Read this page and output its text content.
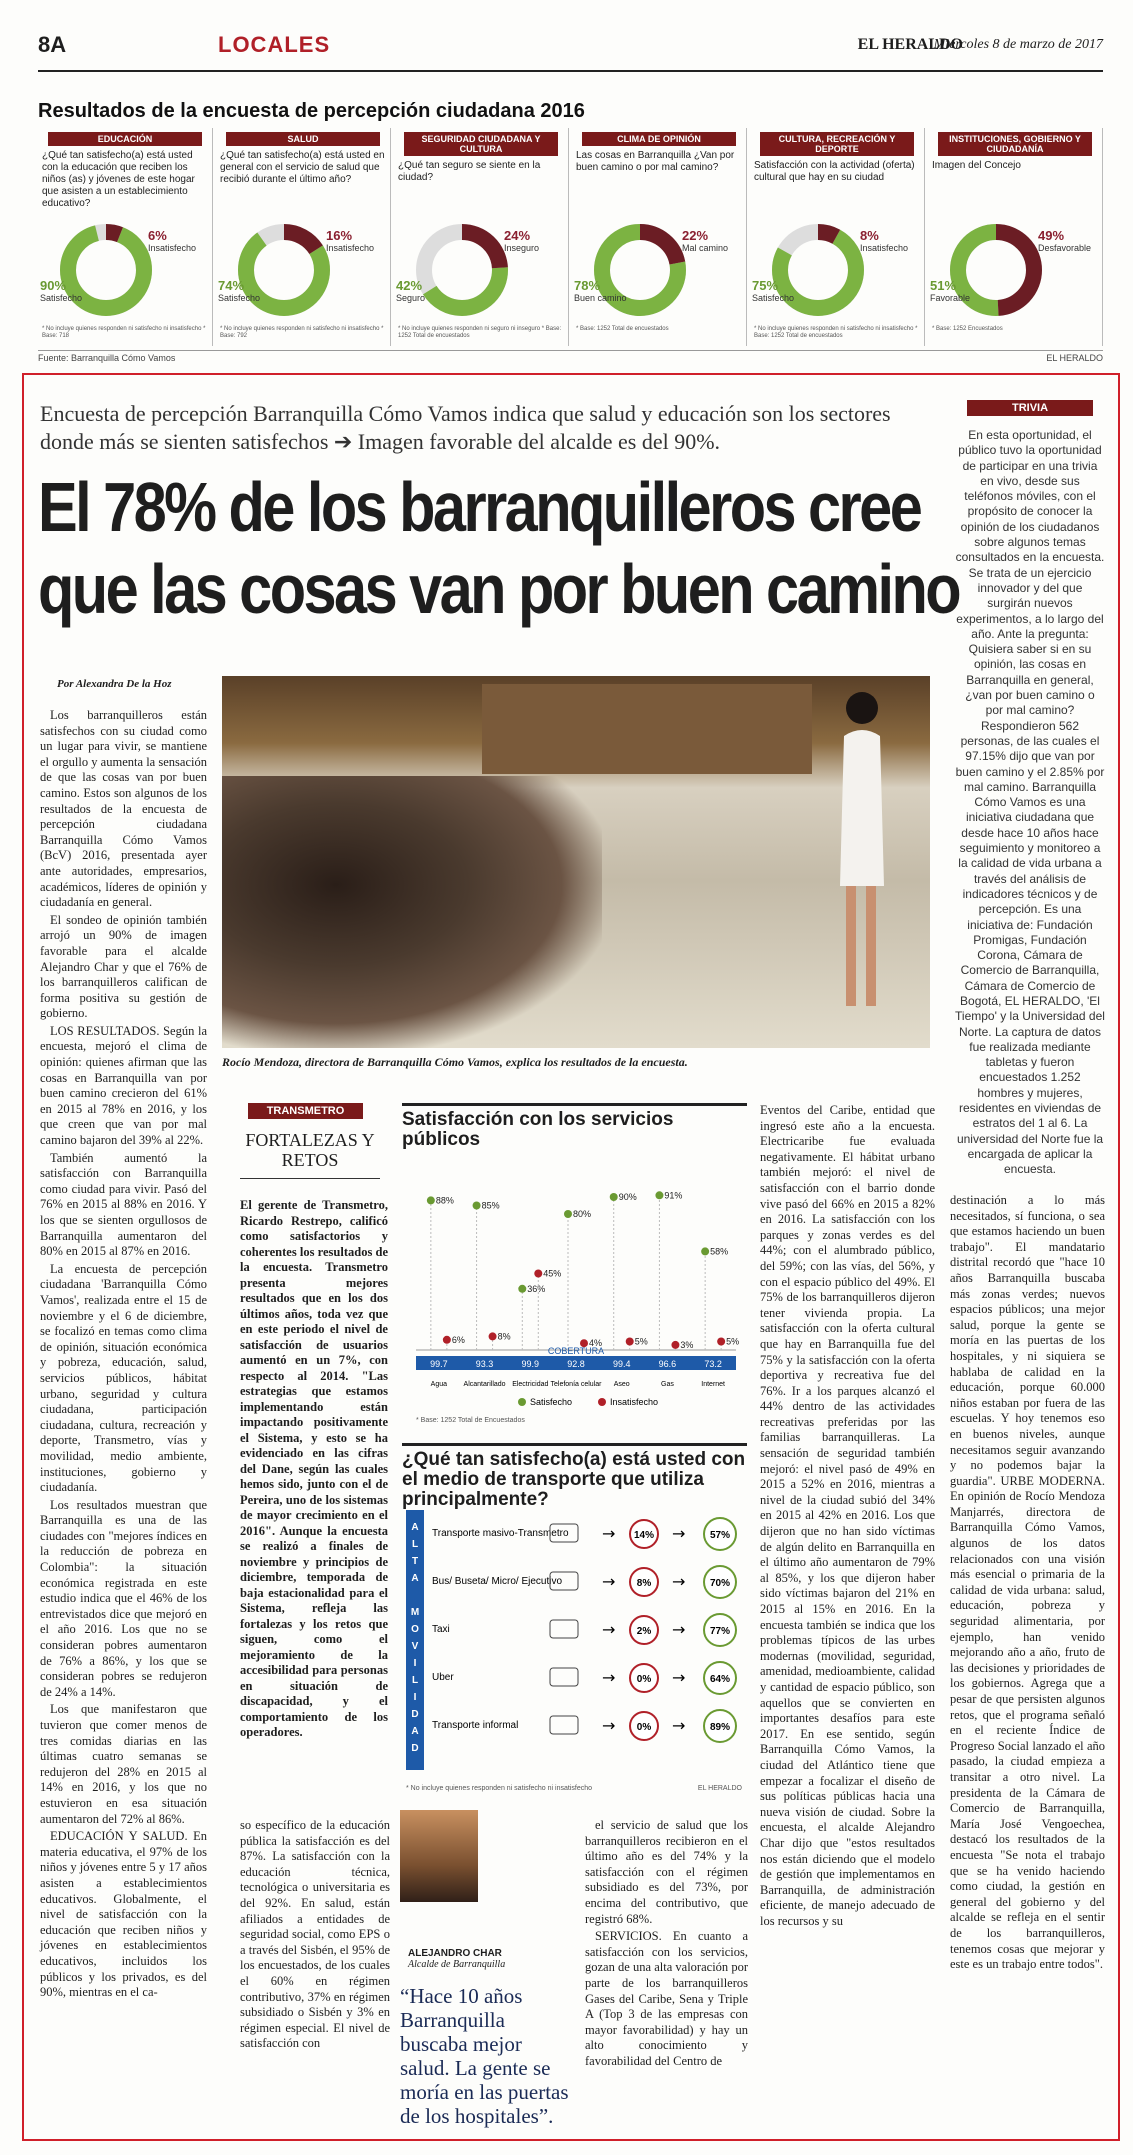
8A	LOCALES	EL HERALDO
Miércoles 8 de marzo de 2017
Resultados de la encuesta de percepción ciudadana 2016
EDUCACIÓN
¿Qué tan satisfecho(a) está usted con la educación que reciben los niños (as) y jóvenes de este hogar que asisten a un establecimiento educativo?
90%
Satisfecho
6%
Insatisfecho
* No incluye quienes responden ni satisfecho ni insatisfecho * Base: 718
SALUD
¿Qué tan satisfecho(a) está usted en general con el servicio de salud que recibió durante el último año?
74%
Satisfecho
16%
Insatisfecho
* No incluye quienes responden ni satisfecho ni insatisfecho * Base: 792
SEGURIDAD CIUDADANA Y CULTURA
¿Qué tan seguro se siente en la ciudad?
42%
Seguro
24%
Inseguro
* No incluye quienes responden ni seguro ni inseguro * Base: 1252 Total de encuestados
CLIMA DE OPINIÓN
Las cosas en Barranquilla ¿Van por buen camino o por mal camino?
78%
Buen camino
22%
Mal camino
* Base: 1252 Total de encuestados
CULTURA, RECREACIÓN Y DEPORTE
Satisfacción con la actividad (oferta) cultural que hay en su ciudad
75%
Satisfecho
8%
Insatisfecho
* No incluye quienes responden ni satisfecho ni insatisfecho * Base: 1252 Total de encuestados
INSTITUCIONES, GOBIERNO Y CIUDADANÍA
Imagen del Concejo
51%
Favorable
49%
Desfavorable
* Base: 1252 Encuestados
Fuente: Barranquilla Cómo Vamos	EL HERALDO
Encuesta de percepción Barranquilla Cómo Vamos indica que salud y educación son los sectores donde más se sienten satisfechos ➔ Imagen favorable del alcalde es del 90%.
El 78% de los barranquilleros cree
que las cosas van por buen camino
Por Alexandra De la Hoz

Los barranquilleros están satisfechos con su ciudad como un lugar para vivir, se mantiene el orgullo y aumenta la sensación de que las cosas van por buen camino. Estos son algunos de los resultados de la encuesta de percepción ciudadana Barranquilla Cómo Vamos (BcV) 2016, presentada ayer ante autoridades, empresarios, académicos, líderes de opinión y ciudadanía en general.

El sondeo de opinión también arrojó un 90% de imagen favorable para el alcalde Alejandro Char y que el 76% de los barranquilleros califican de forma positiva su gestión de gobierno.

LOS RESULTADOS. Según la encuesta, mejoró el clima de opinión: quienes afirman que las cosas en Barranquilla van por buen camino crecieron del 61% en 2015 al 78% en 2016, y los que creen que van por mal camino bajaron del 39% al 22%.

También aumentó la satisfacción con Barranquilla como ciudad para vivir. Pasó del 76% en 2015 al 88% en 2016. Y los que se sienten orgullosos de Barranquilla aumentaron del 80% en 2015 al 87% en 2016.

La encuesta de percepción ciudadana 'Barranquilla Cómo Vamos', realizada entre el 15 de noviembre y el 6 de diciembre, se focalizó en temas como clima de opinión, situación económica y pobreza, educación, salud, servicios públicos, hábitat urbano, seguridad y cultura ciudadana, participación ciudadana, cultura, recreación y deporte, Transmetro, vías y movilidad, medio ambiente, instituciones, gobierno y ciudadanía.

Los resultados muestran que Barranquilla es una de las ciudades con "mejores índices en la reducción de pobreza en Colombia": la situación económica registrada en este estudio indica que el 46% de los entrevistados dice que mejoró en el año 2016. Los que no se consideran pobres aumentaron de 76% a 86%, y los que se consideran pobres se redujeron de 24% a 14%.

Los que manifestaron que tuvieron que comer menos de tres comidas diarias en las últimas cuatro semanas se redujeron del 28% en 2015 al 14% en 2016, y los que no estuvieron en esa situación aumentaron del 72% al 86%.

EDUCACIÓN Y SALUD. En materia educativa, el 97% de los niños y jóvenes entre 5 y 17 años asisten a establecimientos educativos. Globalmente, el nivel de satisfacción con la educación que reciben niños y jóvenes en establecimientos educativos, incluidos los públicos y los privados, es del 90%, mientras en el ca-

Rocío Mendoza, directora de Barranquilla Cómo Vamos, explica los resultados de la encuesta.
TRIVIA
En esta oportunidad, el público tuvo la oportunidad de participar en una trivia en vivo, desde sus teléfonos móviles, con el propósito de conocer la opinión de los ciudadanos sobre algunos temas consultados en la encuesta. Se trata de un ejercicio innovador y del que surgirán nuevos experimentos, a lo largo del año. Ante la pregunta: Quisiera saber si en su opinión, las cosas en Barranquilla en general, ¿van por buen camino o por mal camino? Respondieron 562 personas, de las cuales el 97.15% dijo que van por buen camino y el 2.85% por mal camino. Barranquilla Cómo Vamos es una iniciativa ciudadana que desde hace 10 años hace seguimiento y monitoreo a la calidad de vida urbana a través del análisis de indicadores técnicos y de percepción. Es una iniciativa de: Fundación Promigas, Fundación Corona, Cámara de Comercio de Barranquilla, Cámara de Comercio de Bogotá, EL HERALDO, 'El Tiempo' y la Universidad del Norte. La captura de datos fue realizada mediante tabletas y fueron encuestados 1.252 hombres y mujeres, residentes en viviendas de estratos del 1 al 6. La universidad del Norte fue la encargada de aplicar la encuesta.
TRANSMETRO
FORTALEZAS Y RETOS
El gerente de Transmetro, Ricardo Restrepo, calificó como satisfactorios y coherentes los resultados de la encuesta. Transmetro presenta mejores resultados que en los dos últimos años, toda vez que en este periodo el nivel de satisfacción de usuarios aumentó en un 7%, con respecto al 2014. "Las estrategias que estamos implementando están impactando positivamente el Sistema, y esto se ha evidenciado en las cifras del Dane, según las cuales hemos sido, junto con el de Pereira, uno de los sistemas de mayor crecimiento en el 2016". Aunque la encuesta se realizó a finales de noviembre y principios de diciembre, temporada de baja estacionalidad para el Sistema, refleja las fortalezas y los retos que siguen, como el mejoramiento de la accesibilidad para personas en situación de discapacidad, y el comportamiento de los operadores.
Satisfacción con los servicios públicos
88%
85%
36%
80%
90%	91%
58%
6%	8%
45%
4%	5%	3%	5%
COBERTURA
99.7	93.3	99.9	92.8	99.4	96.6	73.2
Agua Alcantarillado Electricidad Telefonía celular Aseo	Gas	Internet
Satisfecho	Insatisfecho
* Base: 1252 Total de Encuestados
¿Qué tan satisfecho(a) está usted con el medio de transporte que utiliza principalmente?
A
L
T
A
M
O
V
I
L
I
D
A
D
Transporte masivo-Transmetro → 14% → 57%
Bus/ Buseta/ Micro/ Ejecutivo → 8% → 70%
Taxi	→ 2% → 77%
Uber	→ 0% → 64%
Transporte informal	→ 0% → 89%
* No incluye quienes responden ni satisfecho ni insatisfecho	EL HERALDO
so específico de la educación pública la satisfacción es del 87%. La satisfacción con la educación técnica, tecnológica o universitaria es del 92%. En salud, están afiliados a entidades de seguridad social, como EPS o a través del Sisbén, el 95% de los encuestados, de los cuales el 60% en régimen contributivo, 37% en régimen subsidiado o Sisbén y 3% en régimen especial. El nivel de satisfacción con
ALEJANDRO CHAR
Alcalde de Barranquilla
“Hace 10 años Barranquilla buscaba mejor salud. La gente se moría en las puertas de los hospitales”.

el servicio de salud que los barranquilleros recibieron en el último año es del 74% y la satisfacción con el régimen subsidiado es del 73%, por encima del contributivo, que registró 68%.

SERVICIOS. En cuanto a satisfacción con los servicios, gozan de una alta valoración por parte de los barranquilleros Gases del Caribe, Sena y Triple A (Top 3 de las empresas con mayor favorabilidad) y hay un alto conocimiento y favorabilidad del Centro de

Eventos del Caribe, entidad que ingresó este año a la encuesta. Electricaribe fue evaluada negativamente. El hábitat urbano también mejoró: el nivel de satisfacción con el barrio donde vive pasó del 66% en 2015 a 82% en 2016. La satisfacción con los parques y zonas verdes es del 44%; con el alumbrado público, del 59%; con las vías, del 56%, y con el espacio público del 49%. El 75% de los barranquilleros dijeron tener vivienda propia. La satisfacción con la oferta cultural que hay en Barranquilla fue del 75% y la satisfacción con la oferta deportiva y recreativa fue del 76%. Ir a los parques alcanzó el 44% dentro de las actividades recreativas preferidas por las familias barranquilleras. La sensación de seguridad también mejoró: el nivel pasó de 49% en 2015 a 52% en 2016, mientras a nivel de la ciudad subió del 34% en 2015 al 42% en 2016. Los que dijeron que no han sido víctimas de algún delito en Barranquilla en el último año aumentaron de 79% al 85%, y los que dijeron haber sido víctimas bajaron del 21% en 2015 al 15% en 2016. En la encuesta también se indica que los problemas típicos de las urbes modernas (movilidad, seguridad, amenidad, medioambiente, calidad y cantidad de espacio público, son aquellos que se convierten en importantes desafíos para este 2017. En ese sentido, según Barranquilla Cómo Vamos, la ciudad del Atlántico tiene que empezar a focalizar el diseño de sus políticas públicas hacia una nueva visión de ciudad. Sobre la encuesta, el alcalde Alejandro Char dijo que "estos resultados nos están diciendo que el modelo de gestión que implementamos en Barranquilla, de administración eficiente, de manejo adecuado de los recursos y su
destinación a lo más necesitados, sí funciona, o sea que estamos haciendo un buen trabajo". El mandatario distrital recordó que "hace 10 años Barranquilla buscaba más zonas verdes; nuevos espacios públicos; una mejor salud, porque la gente se moría en las puertas de los hospitales, y ni siquiera se hablaba de calidad en la educación, porque 60.000 niños estaban por fuera de las escuelas. Y hoy tenemos eso en buenos niveles, aunque necesitamos seguir avanzando y no podemos bajar la guardia". URBE MODERNA. En opinión de Rocío Mendoza Manjarrés, directora de Barranquilla Cómo Vamos, algunos de los datos relacionados con una visión más esencial o primaria de la calidad de vida urbana: salud, educación, pobreza y seguridad alimentaria, por ejemplo, han venido mejorando año a año, fruto de las decisiones y prioridades de los gobiernos. Agrega que a pesar de que persisten algunos retos, que el programa señaló en el reciente Índice de Progreso Social lanzado el año pasado, la ciudad empieza a transitar a otro nivel. La presidenta de la Cámara de Comercio de Barranquilla, María José Vengoechea, destacó los resultados de la encuesta "Se nota el trabajo que se ha venido haciendo como ciudad, la gestión en general del gobierno y del alcalde se refleja en el sentir de los barranquilleros, tenemos cosas que mejorar y este es un trabajo entre todos".
